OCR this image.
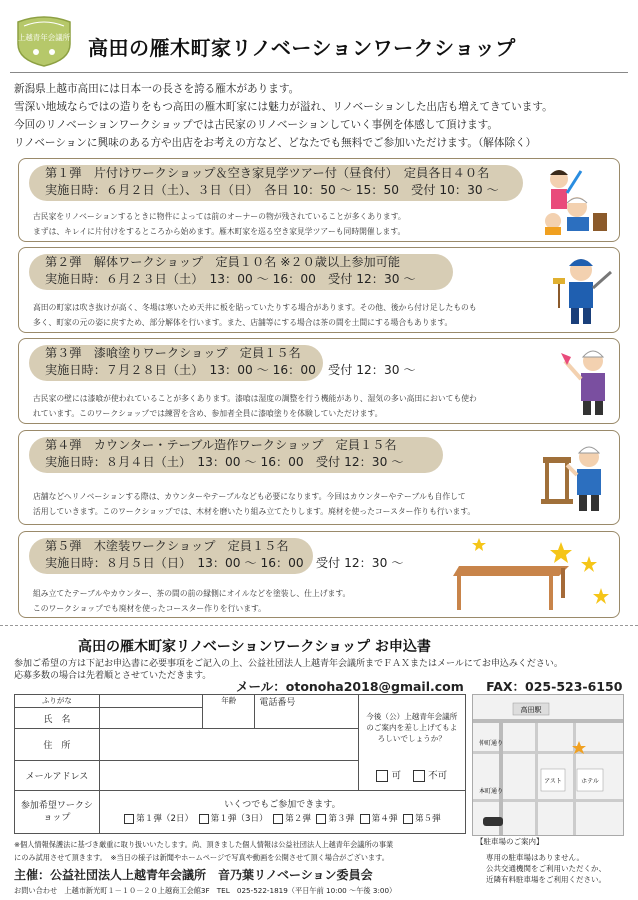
上越青年会議所 高田の雁木町家リノベーションワークショップ
新潟県上越市高田には日本一の長さを誇る雁木があります。
雪深い地域ならではの造りをもつ高田の雁木町家には魅力が溢れ、リノベーションした出店も増えてきています。
今回のリノベーションワークショップでは古民家のリノベーションしていく事例を体感して頂けます。
リノベーションに興味のある方や出店をお考えの方など、どなたでも無料でご参加いただけます。（解体除く）
第１弾　片付けワークショップ＆空き家見学ツアー付（昼食付）　定員各日４０名
実施日時：６月２日（土）、３日（日）　各日 10：50 ～ 15：50　受付 10：30 ～
古民家をリノベーションするときに物件によっては前のオーナーの物が残されていることが多くあります。
まずは、キレイに片付けをするところから始めます。雁木町家を巡る空き家見学ツアーも同時開催します。
第２弾　解体ワークショップ　定員１０名 ※２０歳以上参加可能
実施日時：６月２３日（土）　13：00 ～ 16：00　受付 12：30 ～
高田の町家は吹き抜けが高く、冬場は寒いため天井に板を貼っていたりする場合があります。その他、後から付け足したものも
多く、町家の元の姿に戻すため、部分解体を行います。また、店舗等にする場合は茶の間を土間にする場合もあります。
第３弾　漆喰塗りワークショップ　定員１５名
実施日時：７月２８日（土）　13：00 ～ 16：00　受付 12：30 ～
古民家の壁には漆喰が使われていることが多くあります。漆喰は湿度の調整を行う機能があり、湿気の多い高田においても使わ
れています。このワークショップでは練習を含め、参加者全員に漆喰塗りを体験していただけます。
第４弾　カウンター・テーブル造作ワークショップ　定員１５名
実施日時：８月４日（土）　13：00 ～ 16：00　受付 12：30 ～
店舗などへリノベーションする際は、カウンターやテーブルなども必要になります。今回はカウンターやテーブルも自作して
活用していきます。このワークショップでは、木材を磨いたり組み立てたりします。廃材を使ったコースター作りも行います。
第５弾　木塗装ワークショップ　定員１５名
実施日時：８月５日（日）　13：00 ～ 16：00　受付 12：30 ～
組み立てたテーブルやカウンター、茶の間の前の縁側にオイルなどを塗装し、仕上げます。
このワークショップでも廃材を使ったコースター作りを行います。
高田の雁木町家リノベーションワークショップ お申込書
参加ご希望の方は下記お申込書に必要事項をご記入の上、公益社団法人上越青年会議所までＦＡＸまたはメールにてお申込みください。
応募多数の場合は先着順とさせていただきます。
メール：otonoha2018@gmail.com FAX：025-523-6150
ふりがな		年齢	電話番号	今後（公）上越青年会議所のご案内を差し上げてもよろしいでしょうか？
可 不可

氏　名				
住　所				
メールアドレス				
参加希望ワークショップ	いくつでもご参加できます。
第１弾（2日） 第１弾（3日） 第２弾 第３弾 第４弾 第５弾			
高田駅
仲町通り
本町通り
アスト	ホテル
【駐車場のご案内】
専用の駐車場はありません。
公共交通機関をご利用いただくか、
近隣有料駐車場をご利用ください。
※個人情報保護法に基づき厳重に取り扱いいたします。尚、頂きました個人情報は公益社団法人上越青年会議所の事業
にのみ試用させて頂きます。　※当日の様子は新聞やホームページで写真や動画を公開させて頂く場合がございます。
主催：公益社団法人上越青年会議所　音乃葉リノベーション委員会
お問い合わせ　上越市新光町１－１０－２０上越商工会館3F　TEL　025-522-1819（平日午前 10:00 ～午後 3:00）
